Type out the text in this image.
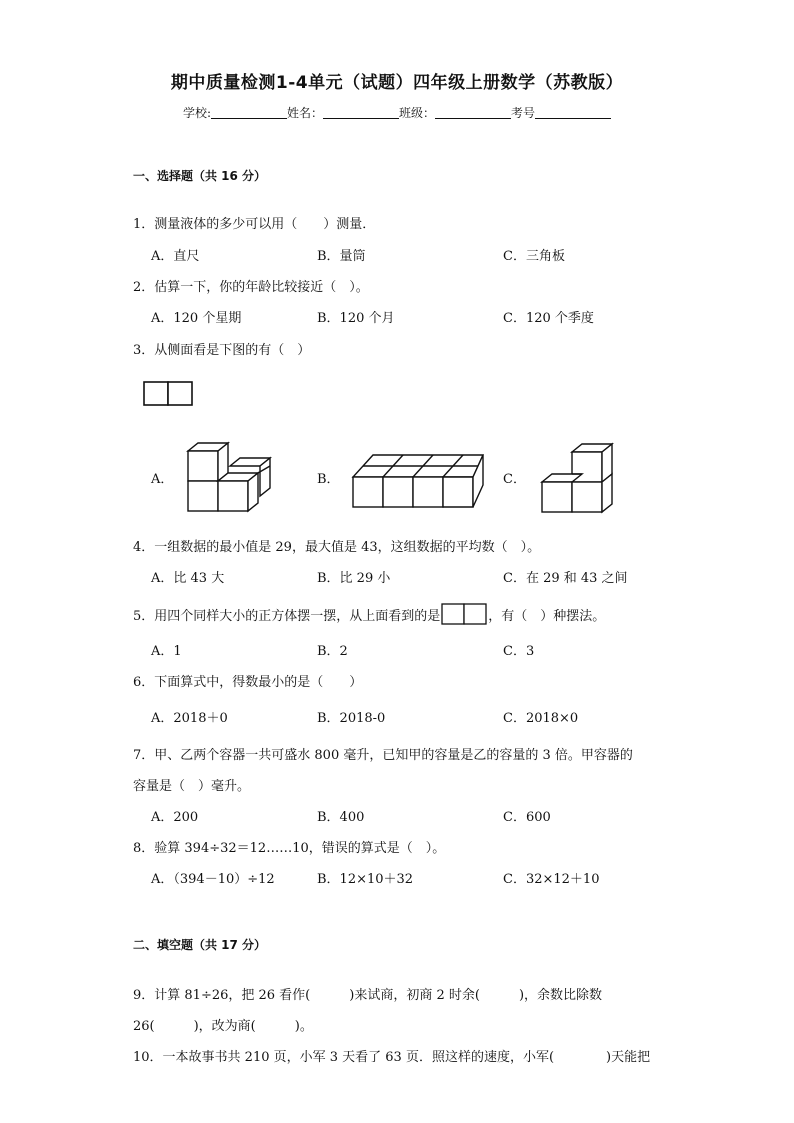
期中质量检测1-4单元（试题）四年级上册数学（苏教版）
学校:	姓名：	班级：	考号
一、选择题（共 16 分）
1．测量液体的多少可以用（　　）测量．
A．直尺	B．量筒	C．三角板
2．估算一下，你的年龄比较接近（　）。
A．120 个星期	B．120 个月	C．120 个季度
3．从侧面看是下图的有（　）
A．	B．	C．
4．一组数据的最小值是 29，最大值是 43，这组数据的平均数（　）。
A．比 43 大	B．比 29 小	C．在 29 和 43 之间
5．用四个同样大小的正方体摆一摆，从上面看到的是	，有（　）种摆法。
A．1	B．2	C．3
6．下面算式中，得数最小的是（　　）
A．2018＋0	B．2018-0	C．2018×0
7．甲、乙两个容器一共可盛水 800 毫升，已知甲的容量是乙的容量的 3 倍。甲容器的
容量是（　）毫升。
A．200	B．400	C．600
8．验算 394÷32＝12……10，错误的算式是（　）。
A．（394－10）÷12	B．12×10＋32	C．32×12＋10
二、填空题（共 17 分）
9．计算 81÷26，把 26 看作(　　　)来试商，初商 2 时余(　　　)，余数比除数
26(　　　)，改为商(　　　)。
10．一本故事书共 210 页，小军 3 天看了 63 页．照这样的速度，小军(　　　　)天能把
